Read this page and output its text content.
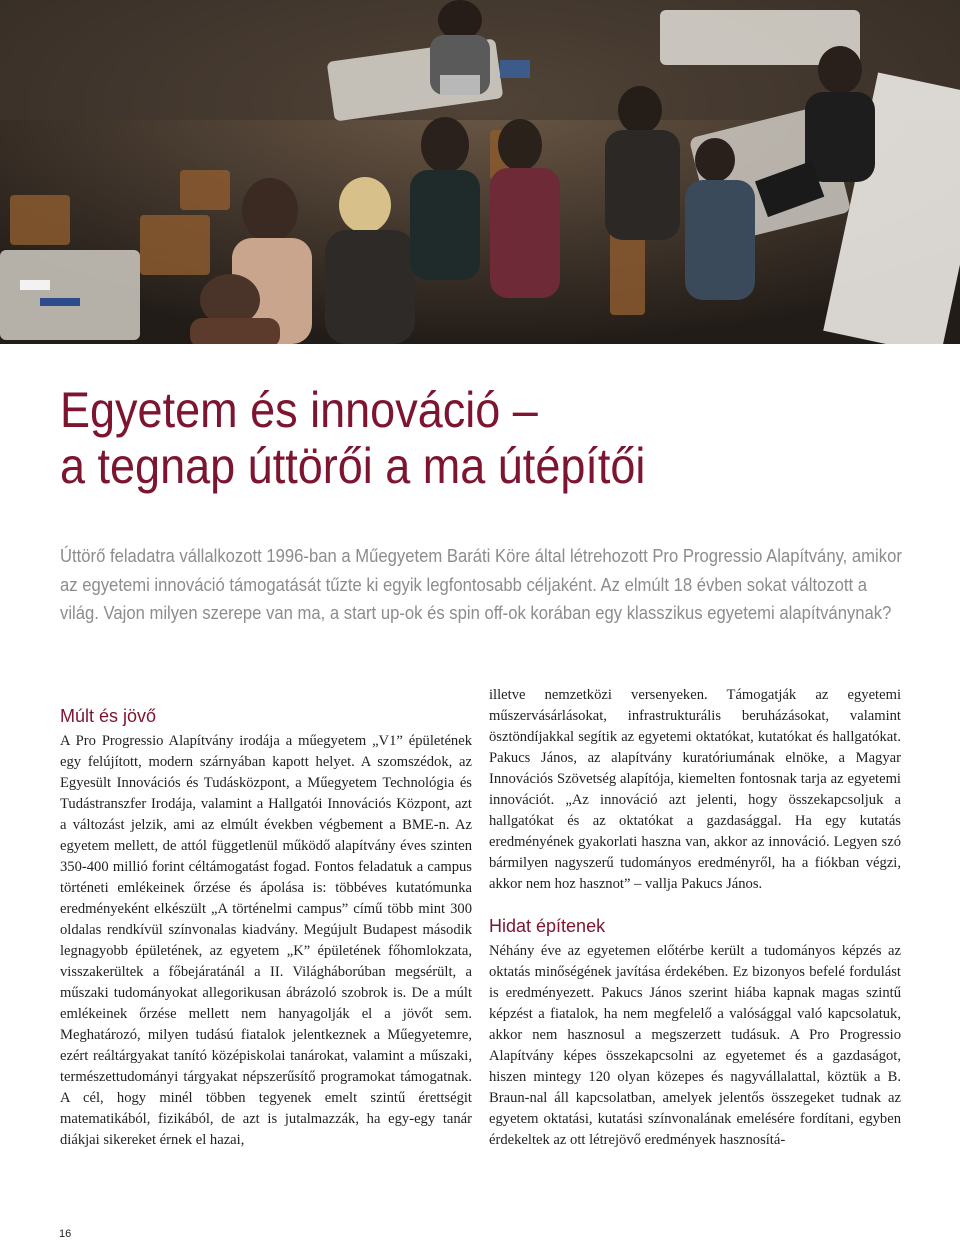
Egyetem és innováció –
a tegnap úttörői a ma útépítői

Úttörő feladatra vállalkozott 1996-ban a Műegyetem Baráti Köre által létrehozott Pro Progressio Alapítvány, amikor az egyetemi innováció támogatását tűzte ki egyik legfontosabb céljaként. Az elmúlt 18 évben sokat változott a világ. Vajon milyen szerepe van ma, a start up-ok és spin off-ok korában egy klasszikus egyetemi alapítványnak?

Múlt és jövő

A Pro Progressio Alapítvány irodája a műegyetem „V1” épületének egy felújított, modern szárnyában kapott helyet. A szomszédok, az Egyesült Innovációs és Tudásközpont, a Műegyetem Technológia és Tudástranszfer Irodája, valamint a Hallgatói Innovációs Központ, azt a változást jelzik, ami az elmúlt években végbement a BME-n. Az egyetem mellett, de attól függetlenül működő alapítvány éves szinten 350-400 millió forint céltámogatást fogad. Fontos feladatuk a campus történeti emlékeinek őrzése és ápolása is: többéves kutatómunka eredményeként elkészült „A történelmi campus” című több mint 300 oldalas rendkívül színvonalas kiadvány. Megújult Budapest második legnagyobb épületének, az egyetem „K” épületének főhomlokzata, visszakerültek a főbejáratánál a II. Világháborúban megsérült, a műszaki tudományokat allegorikusan ábrázoló szobrok is. De a múlt emlékeinek őrzése mellett nem hanyagolják el a jövőt sem. Meghatározó, milyen tudású fiatalok jelentkeznek a Műegyetemre, ezért reáltárgyakat tanító középiskolai tanárokat, valamint a műszaki, természettudományi tárgyakat népszerűsítő programokat támogatnak. A cél, hogy minél többen tegyenek emelt szintű érettségit matematikából, fizikából, de azt is jutalmazzák, ha egy-egy tanár diákjai sikereket érnek el hazai,

illetve nemzetközi versenyeken. Támogatják az egyetemi műszervásárlásokat, infrastrukturális beruházásokat, valamint ösztöndíjakkal segítik az egyetemi oktatókat, kutatókat és hallgatókat. Pakucs János, az alapítvány kuratóriumának elnöke, a Magyar Innovációs Szövetség alapítója, kiemelten fontosnak tarja az egyetemi innovációt. „Az innováció azt jelenti, hogy összekapcsoljuk a hallgatókat és az oktatókat a gazdasággal. Ha egy kutatás eredményének gyakorlati hasznа van, akkor az innováció. Legyen szó bármilyen nagyszerű tudományos eredményről, ha a fiókban végzi, akkor nem hoz hasznot” – vallja Pakucs János.

Hidat építenek

Néhány éve az egyetemen előtérbe került a tudományos képzés az oktatás minőségének javítása érdekében. Ez bizonyos befelé fordulást is eredményezett. Pakucs János szerint hiába kapnak magas szintű képzést a fiatalok, ha nem megfelelő a valósággal való kapcsolatuk, akkor nem hasznosul a megszerzett tudásuk. A Pro Progressio Alapítvány képes összekapcsolni az egyetemet és a gazdaságot, hiszen mintegy 120 olyan közepes és nagyvállalattal, köztük a B. Braun-nal áll kapcsolatban, amelyek jelentős összegeket tudnak az egyetem oktatási, kutatási színvonalának emelésére fordítani, egyben érdekeltek az ott létrejövő eredmények hasznosítá-

16
